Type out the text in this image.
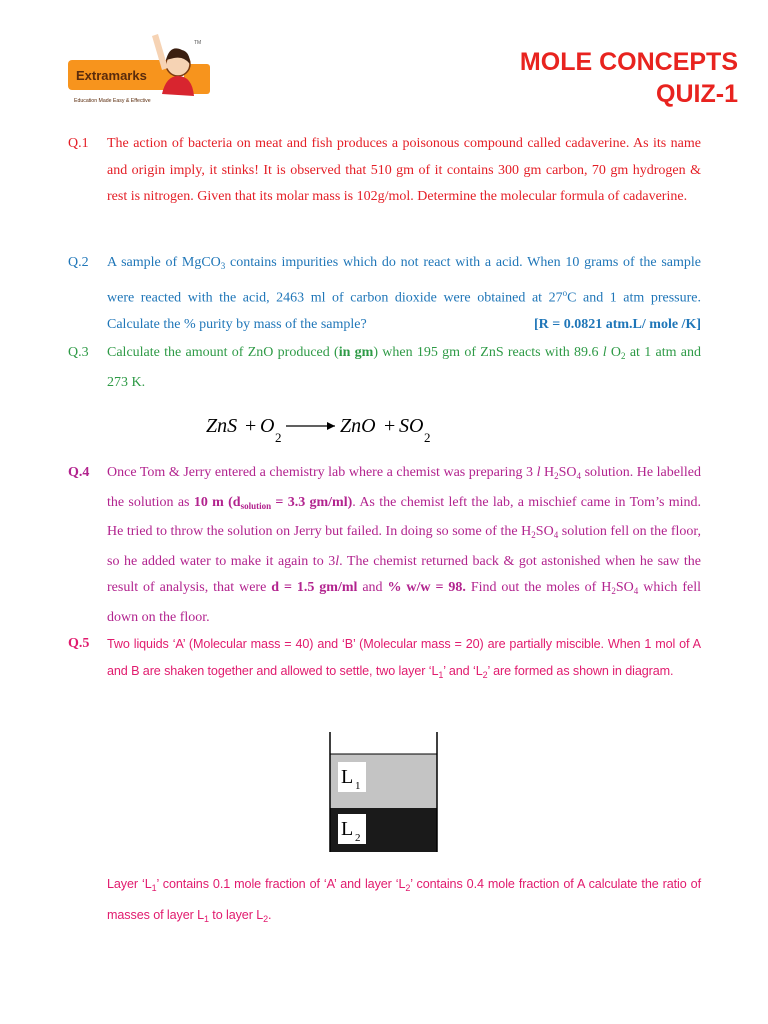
Extramarks
Education Made Easy & Effective
TM
MOLE CONCEPTS
QUIZ-1
Q.1 The action of bacteria on meat and fish produces a poisonous compound called cadaverine. As its name and origin imply, it stinks! It is observed that 510 gm of it contains 300 gm carbon, 70 gm hydrogen & rest is nitrogen. Given that its molar mass is 102g/mol. Determine the molecular formula of cadaverine.
Q.2 A sample of MgCO$_3$ contains impurities which do not react with a acid. When 10 grams of the sample were reacted with the acid, 2463 ml of carbon dioxide were obtained at 27$^o$C and 1 atm pressure. Calculate the % purity by mass of the sample?	[R = 0.0821 atm.L/ mole /K]
Q.3 Calculate the amount of ZnO produced (in gm) when 195 gm of ZnS reacts with 89.6 l $O_2$ at 1 atm and 273 K.
ZnS + O
2
ZnO + SO
2
Q.4 Once Tom & Jerry entered a chemistry lab where a chemist was preparing 3 l $H_2SO_4$ solution. He labelled the solution as 10 m ($d_{solution} = 3.3$ gm/ml). As the chemist left the lab, a mischief came in Tom’s mind. He tried to throw the solution on Jerry but failed. In doing so some of the $H_2SO_4$ solution fell on the floor, so he added water to make it again to 3l. The chemist returned back & got astonished when he saw the result of analysis, that were d = 1.5 gm/ml and % w/w = 98. Find out the moles of $H_2SO_4$ which fell down on the floor.
Q.5 Two liquids ‘A’ (Molecular mass = 40) and ‘B’ (Molecular mass = 20) are partially miscible. When 1 mol of A and B are shaken together and allowed to settle, two layer ‘$L_1$’ and ‘$L_2$’ are formed as shown in diagram.
L 1
L 2
Layer ‘$L_1$’ contains 0.1 mole fraction of ‘A’ and layer ‘$L_2$’ contains 0.4 mole fraction of A calculate the ratio of masses of layer $L_1$ to layer $L_2$.
